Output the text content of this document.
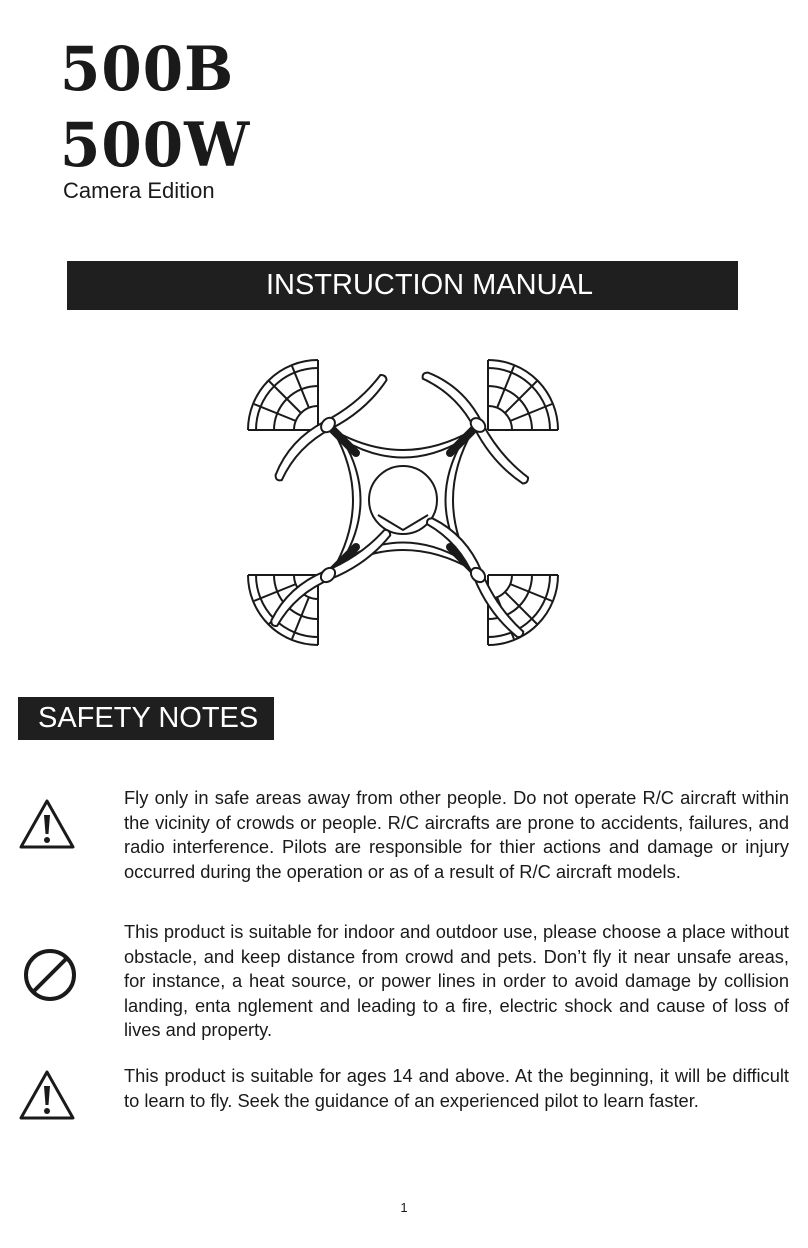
500B
500W
Camera Edition
INSTRUCTION MANUAL
SAFETY NOTES

Fly only in safe areas away from other people. Do not operate R/C aircraft within the vicinity of crowds or people. R/C aircrafts are prone to accidents, failures, and radio interference. Pilots are responsible for thier actions and damage or injury occurred during the operation or as of a result of R/C aircraft models.

This product is suitable for indoor and outdoor use, please choose a place without obstacle, and keep distance from crowd and pets. Don’t fly it near unsafe areas, for instance, a heat source, or power lines in order to avoid damage by collision landing, enta nglement and leading to a fire, electric shock and cause of loss of lives and property.

This product is suitable for ages 14 and above. At the beginning, it will be difficult to learn to fly. Seek the guidance of an experienced pilot to learn faster.

1
